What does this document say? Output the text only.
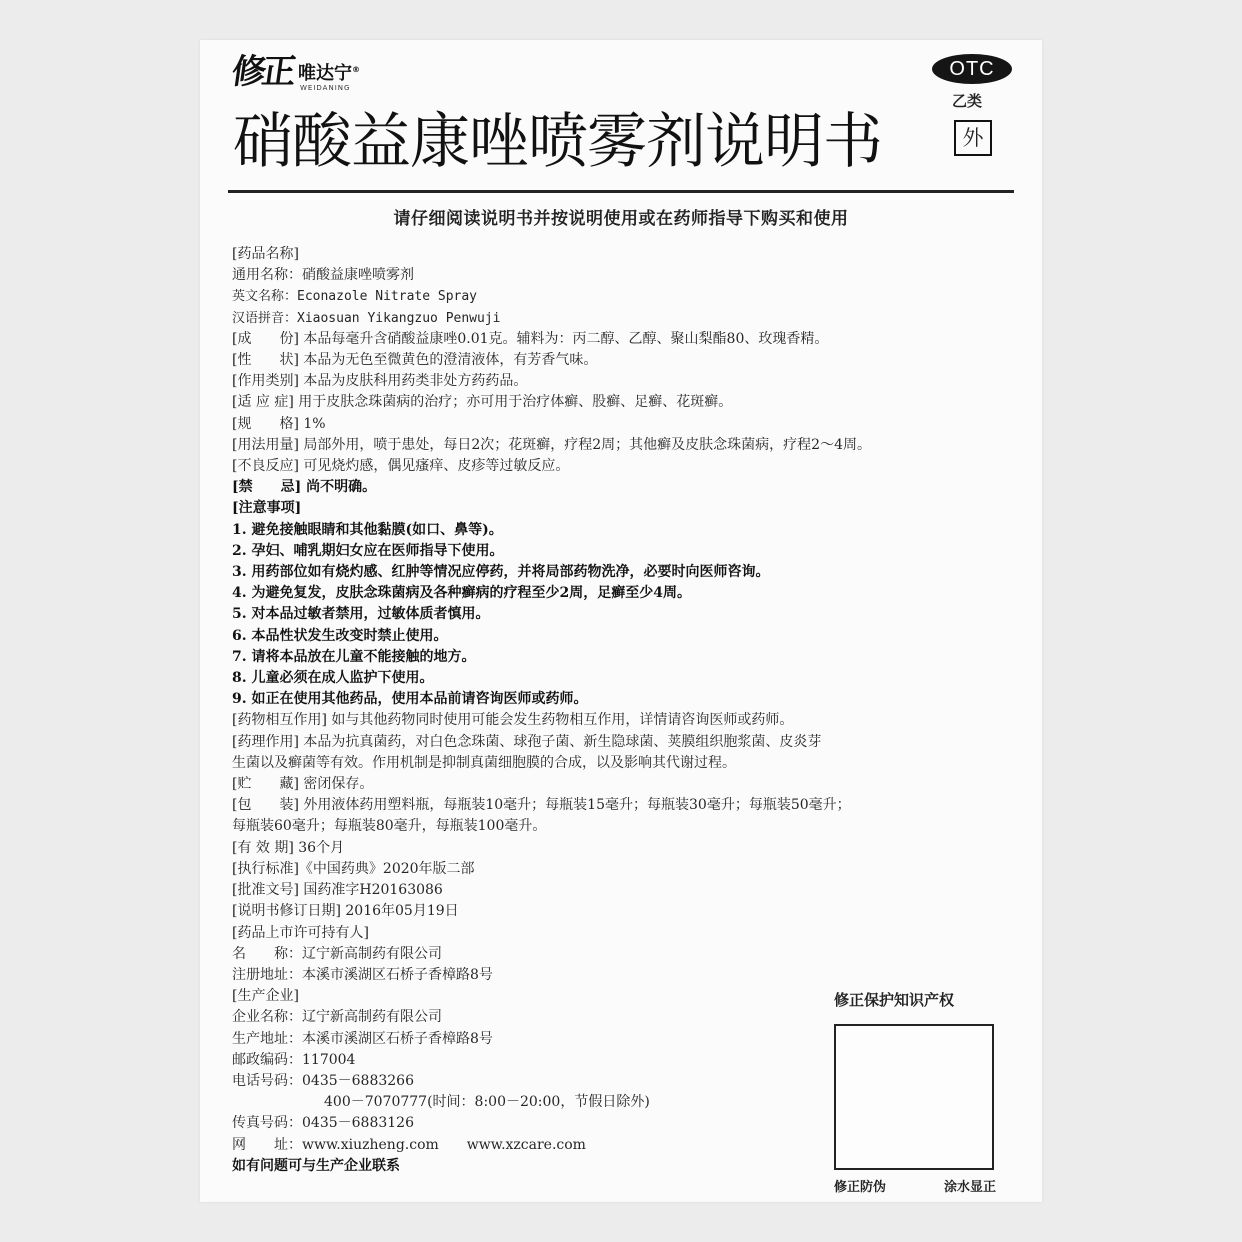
修正 唯达宁®
WEIDANING
OTC
乙类
外
硝酸益康唑喷雾剂说明书
请仔细阅读说明书并按说明使用或在药师指导下购买和使用
[药品名称]
通用名称：硝酸益康唑喷雾剂
英文名称：Econazole Nitrate Spray
汉语拼音：Xiaosuan Yikangzuo Penwuji
[成　　份] 本品每毫升含硝酸益康唑0.01克。辅料为：丙二醇、乙醇、聚山梨酯80、玫瑰香精。
[性　　状] 本品为无色至微黄色的澄清液体，有芳香气味。
[作用类别] 本品为皮肤科用药类非处方药药品。
[适 应 症] 用于皮肤念珠菌病的治疗；亦可用于治疗体癣、股癣、足癣、花斑癣。
[规　　格] 1%
[用法用量] 局部外用，喷于患处，每日2次；花斑癣，疗程2周；其他癣及皮肤念珠菌病，疗程2～4周。
[不良反应] 可见烧灼感，偶见瘙痒、皮疹等过敏反应。
[禁　　忌] 尚不明确。
[注意事项]
1. 避免接触眼睛和其他黏膜(如口、鼻等)。
2. 孕妇、哺乳期妇女应在医师指导下使用。
3. 用药部位如有烧灼感、红肿等情况应停药，并将局部药物洗净，必要时向医师咨询。
4. 为避免复发，皮肤念珠菌病及各种癣病的疗程至少2周，足癣至少4周。
5. 对本品过敏者禁用，过敏体质者慎用。
6. 本品性状发生改变时禁止使用。
7. 请将本品放在儿童不能接触的地方。
8. 儿童必须在成人监护下使用。
9. 如正在使用其他药品，使用本品前请咨询医师或药师。
[药物相互作用] 如与其他药物同时使用可能会发生药物相互作用，详情请咨询医师或药师。
[药理作用] 本品为抗真菌药，对白色念珠菌、球孢子菌、新生隐球菌、荚膜组织胞浆菌、皮炎芽
生菌以及癣菌等有效。作用机制是抑制真菌细胞膜的合成，以及影响其代谢过程。
[贮　　藏] 密闭保存。
[包　　装] 外用液体药用塑料瓶，每瓶装10毫升；每瓶装15毫升；每瓶装30毫升；每瓶装50毫升；
每瓶装60毫升；每瓶装80毫升，每瓶装100毫升。
[有 效 期] 36个月
[执行标准]《中国药典》2020年版二部
[批准文号] 国药准字H20163086
[说明书修订日期] 2016年05月19日
[药品上市许可持有人]
名　　称：辽宁新高制药有限公司
注册地址：本溪市溪湖区石桥子香樟路8号
[生产企业]
企业名称：辽宁新高制药有限公司
生产地址：本溪市溪湖区石桥子香樟路8号
邮政编码：117004
电话号码：0435－6883266
400－7070777(时间：8:00－20:00，节假日除外)
传真号码：0435－6883126
网　　址：www.xiuzheng.com　　www.xzcare.com
如有问题可与生产企业联系
修正保护知识产权
修正防伪	涂水显正
